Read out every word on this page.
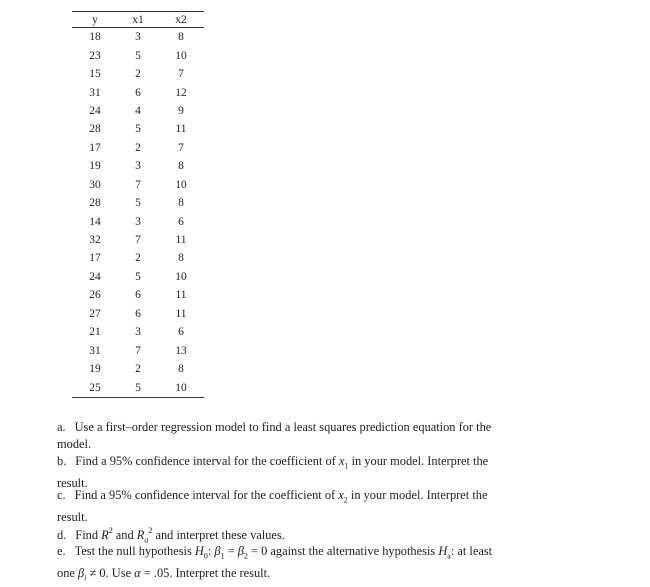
y	x1	x2
18	3	8
23	5	10
15	2	7
31	6	12
24	4	9
28	5	11
17	2	7
19	3	8
30	7	10
28	5	8
14	3	6
32	7	11
17	2	8
24	5	10
26	6	11
27	6	11
21	3	6
31	7	13
19	2	8
25	5	10
a. Use a first–order regression model to find a least squares prediction equation for the
model.
b. Find a 95% confidence interval for the coefficient of $x_1$ in your model. Interpret the
result.
c. Find a 95% confidence interval for the coefficient of $x_2$ in your model. Interpret the
result.
d. Find $R^2$ and $R_a^2$ and interpret these values.
e. Test the null hypothesis $H_0$: $\beta_1 = \beta_2 = 0$ against the alternative hypothesis $H_a$: at least
one $\beta_i \ne 0$. Use α = .05. Interpret the result.
